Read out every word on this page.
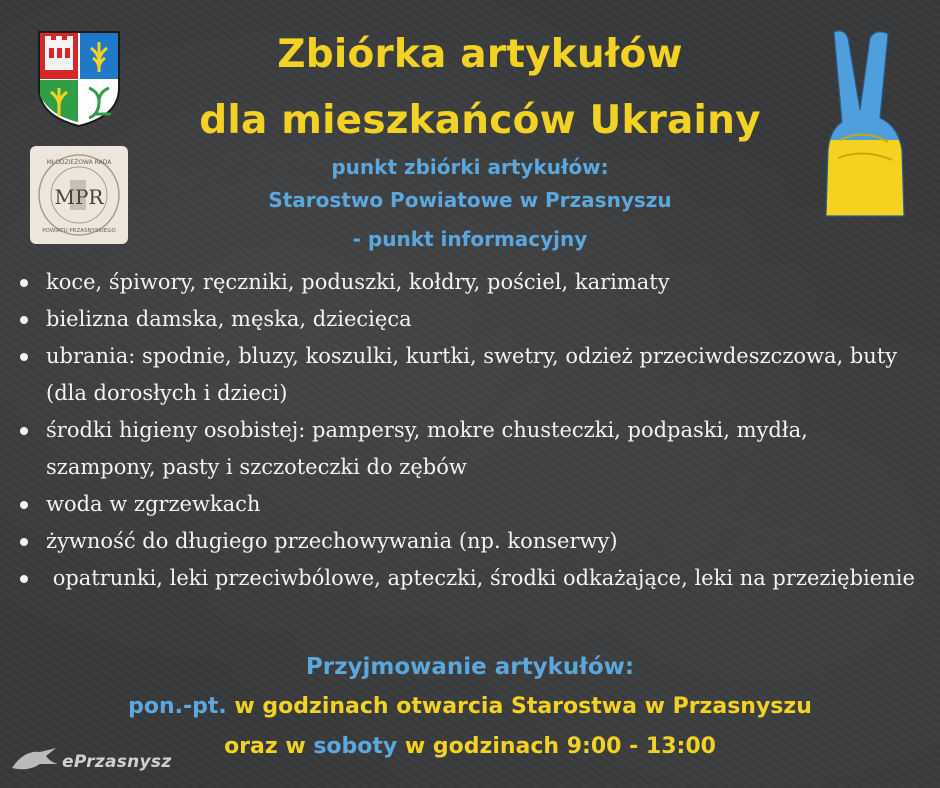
MPR
MŁODZIEŻOWA RADA
POWIATU PRZASNYSKIEGO
Zbiórka artykułów
dla mieszkańców Ukrainy
punkt zbiórki artykułów:
Starostwo Powiatowe w Przasnyszu
- punkt informacyjny
koce, śpiwory, ręczniki, poduszki, kołdry, pościel, karimaty
bielizna damska, męska, dziecięca
ubrania: spodnie, bluzy, koszulki, kurtki, swetry, odzież przeciwdeszczowa, buty (dla dorosłych i dzieci)
środki higieny osobistej: pampersy, mokre chusteczki, podpaski, mydła, szampony, pasty i szczoteczki do zębów
woda w zgrzewkach
żywność do długiego przechowywania (np. konserwy)
opatrunki, leki przeciwbólowe, apteczki, środki odkażające, leki na przeziębienie
Przyjmowanie artykułów:
pon.-pt. w godzinach otwarcia Starostwa w Przasnyszu
oraz w soboty w godzinach 9:00 - 13:00
ePrzasnysz
